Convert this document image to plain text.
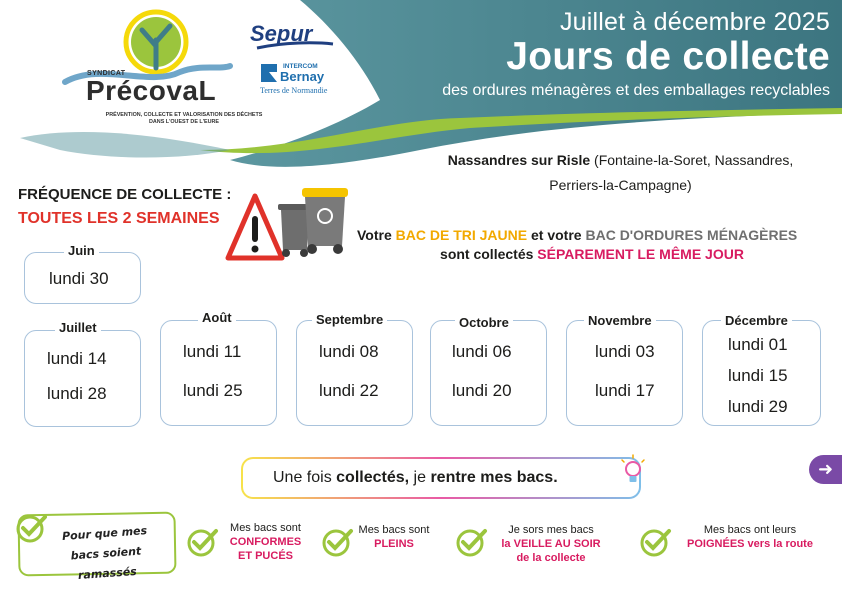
SYNDICAT
PrécovaL
PRÉVENTION, COLLECTE ET VALORISATION DES DÉCHETS DANS L'OUEST DE L'EURE
Sepur
INTERCOM
Bernay
Terres de Normandie
Juillet à décembre 2025
Jours de collecte
des ordures ménagères et des emballages recyclables
Nassandres sur Risle (Fontaine-la-Soret, Nassandres,
Perriers-la-Campagne)
FRÉQUENCE DE COLLECTE :
TOUTES LES 2 SEMAINES
Votre BAC DE TRI JAUNE et votre BAC D'ORDURES MÉNAGÈRES
sont collectés SÉPAREMENT LE MÊME JOUR
Juin
lundi 30
Juillet
lundi 14
lundi 28
Août
lundi 11
lundi 25
Septembre
lundi 08
lundi 22
Octobre
lundi 06
lundi 20
Novembre
lundi 03
lundi 17
Décembre
lundi 01
lundi 15
lundi 29
Une fois collectés, je rentre mes bacs.	➜
Pour que mes
bacs soient ramassés
Mes bacs sont
CONFORMES
ET PUCÉS
Mes bacs sont
PLEINS
Je sors mes bacs
la VEILLE AU SOIR
de la collecte
Mes bacs ont leurs
POIGNÉES vers la route
